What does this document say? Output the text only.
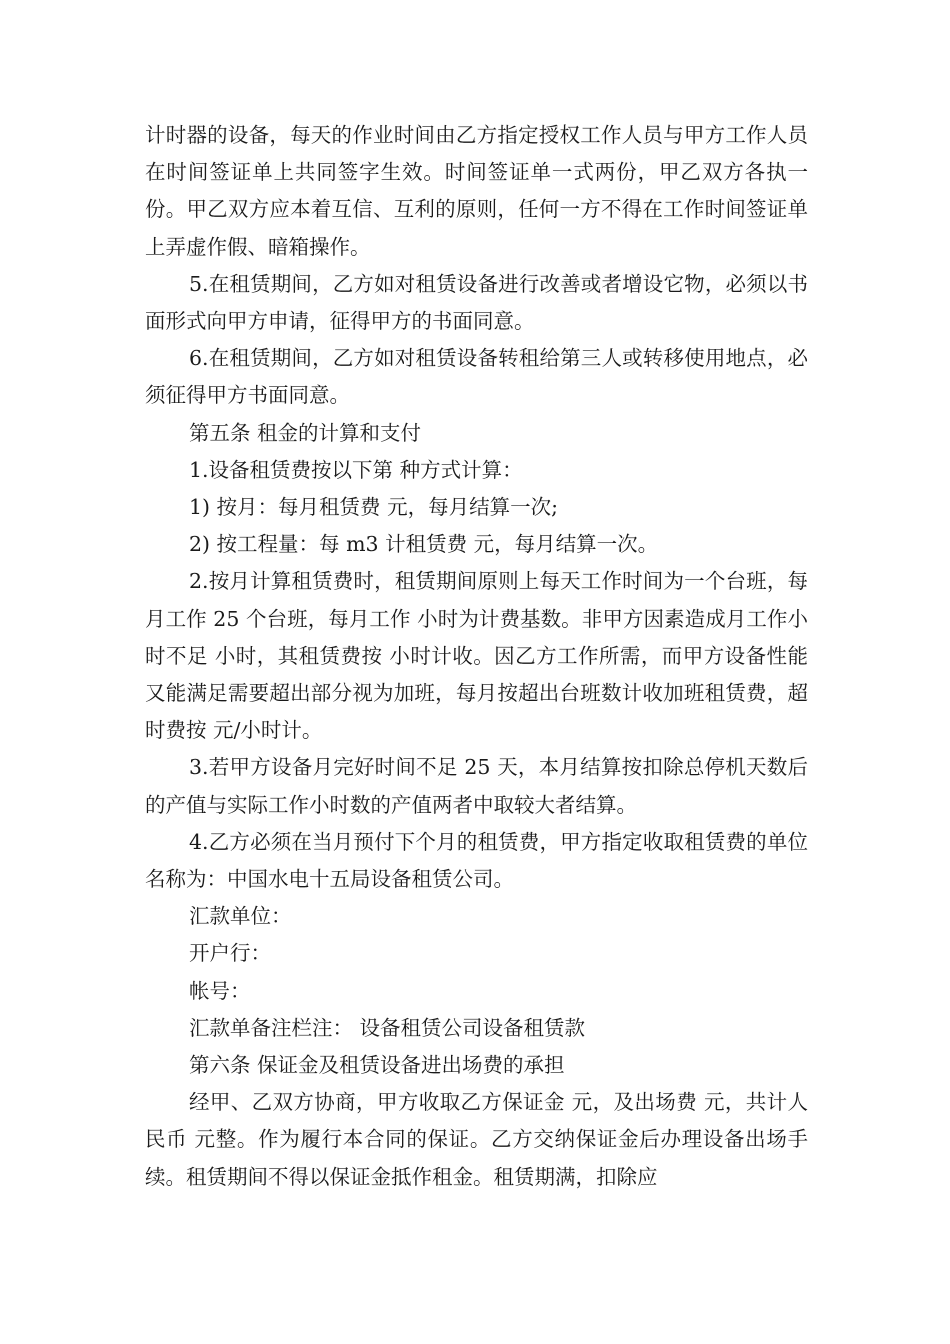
计时器的设备，每天的作业时间由乙方指定授权工作人员与甲方工作人员在时间签证单上共同签字生效。时间签证单一式两份，甲乙双方各执一份。甲乙双方应本着互信、互利的原则，任何一方不得在工作时间签证单上弄虚作假、暗箱操作。

5.在租赁期间，乙方如对租赁设备进行改善或者增设它物，必须以书面形式向甲方申请，征得甲方的书面同意。

6.在租赁期间，乙方如对租赁设备转租给第三人或转移使用地点，必须征得甲方书面同意。

第五条 租金的计算和支付

1.设备租赁费按以下第 种方式计算：

1) 按月：每月租赁费 元，每月结算一次;

2) 按工程量：每 m3 计租赁费 元，每月结算一次。

2.按月计算租赁费时，租赁期间原则上每天工作时间为一个台班，每月工作 25 个台班，每月工作 小时为计费基数。非甲方因素造成月工作小时不足 小时，其租赁费按 小时计收。因乙方工作所需，而甲方设备性能又能满足需要超出部分视为加班，每月按超出台班数计收加班租赁费，超时费按 元/小时计。

3.若甲方设备月完好时间不足 25 天，本月结算按扣除总停机天数后的产值与实际工作小时数的产值两者中取较大者结算。

4.乙方必须在当月预付下个月的租赁费，甲方指定收取租赁费的单位名称为：中国水电十五局设备租赁公司。

汇款单位：

开户行：

帐号：

汇款单备注栏注： 设备租赁公司设备租赁款

第六条 保证金及租赁设备进出场费的承担

经甲、乙双方协商，甲方收取乙方保证金 元，及出场费 元，共计人民币 元整。作为履行本合同的保证。乙方交纳保证金后办理设备出场手续。租赁期间不得以保证金抵作租金。租赁期满，扣除应
